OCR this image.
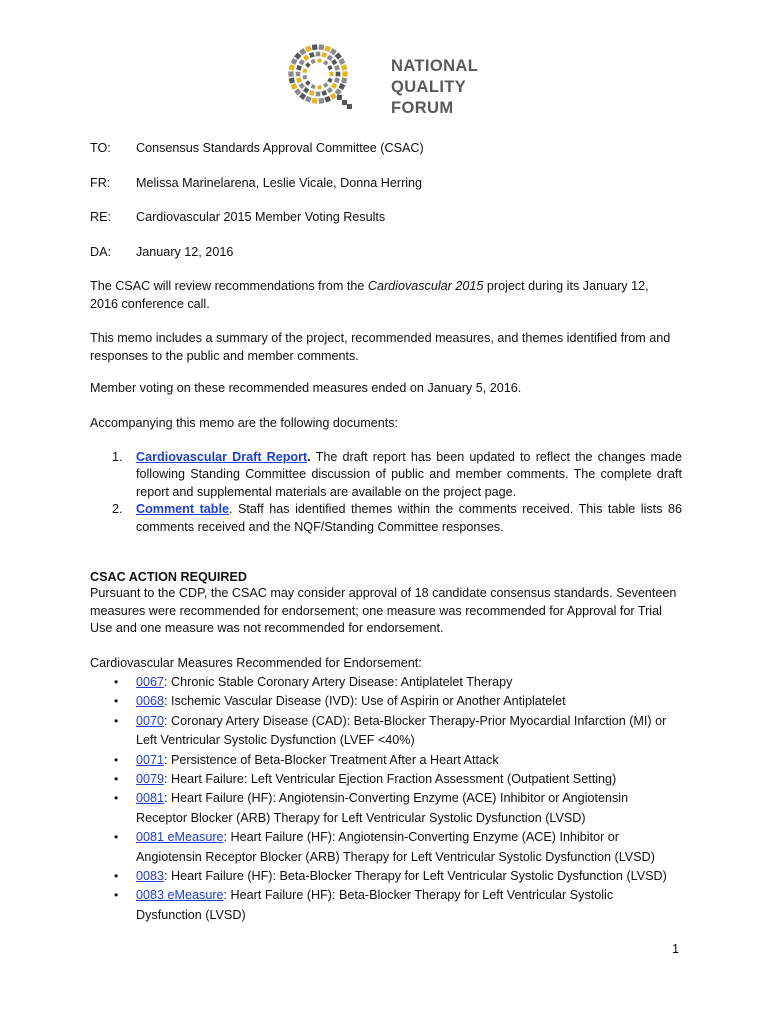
NATIONAL
QUALITY FORUM
TO: Consensus Standards Approval Committee (CSAC)
FR: Melissa Marinelarena, Leslie Vicale, Donna Herring
RE: Cardiovascular 2015 Member Voting Results
DA: January 12, 2016

The CSAC will review recommendations from the Cardiovascular 2015 project during its January 12, 2016 conference call.

This memo includes a summary of the project, recommended measures, and themes identified from and responses to the public and member comments.

Member voting on these recommended measures ended on January 5, 2016.

Accompanying this memo are the following documents:

1. Cardiovascular Draft Report. The draft report has been updated to reflect the changes made following Standing Committee discussion of public and member comments. The complete draft report and supplemental materials are available on the project page.
2. Comment table. Staff has identified themes within the comments received. This table lists 86 comments received and the NQF/Standing Committee responses.
CSAC ACTION REQUIRED

Pursuant to the CDP, the CSAC may consider approval of 18 candidate consensus standards. Seventeen measures were recommended for endorsement; one measure was recommended for Approval for Trial Use and one measure was not recommended for endorsement.

Cardiovascular Measures Recommended for Endorsement:

• 0067: Chronic Stable Coronary Artery Disease: Antiplatelet Therapy
• 0068: Ischemic Vascular Disease (IVD): Use of Aspirin or Another Antiplatelet
• 0070: Coronary Artery Disease (CAD): Beta-Blocker Therapy-Prior Myocardial Infarction (MI) or Left Ventricular Systolic Dysfunction (LVEF <40%)
• 0071: Persistence of Beta-Blocker Treatment After a Heart Attack
• 0079: Heart Failure: Left Ventricular Ejection Fraction Assessment (Outpatient Setting)
• 0081: Heart Failure (HF): Angiotensin-Converting Enzyme (ACE) Inhibitor or Angiotensin Receptor Blocker (ARB) Therapy for Left Ventricular Systolic Dysfunction (LVSD)
• 0081 eMeasure: Heart Failure (HF): Angiotensin-Converting Enzyme (ACE) Inhibitor or Angiotensin Receptor Blocker (ARB) Therapy for Left Ventricular Systolic Dysfunction (LVSD)
• 0083: Heart Failure (HF): Beta-Blocker Therapy for Left Ventricular Systolic Dysfunction (LVSD)
• 0083 eMeasure: Heart Failure (HF): Beta-Blocker Therapy for Left Ventricular Systolic Dysfunction (LVSD)
1
